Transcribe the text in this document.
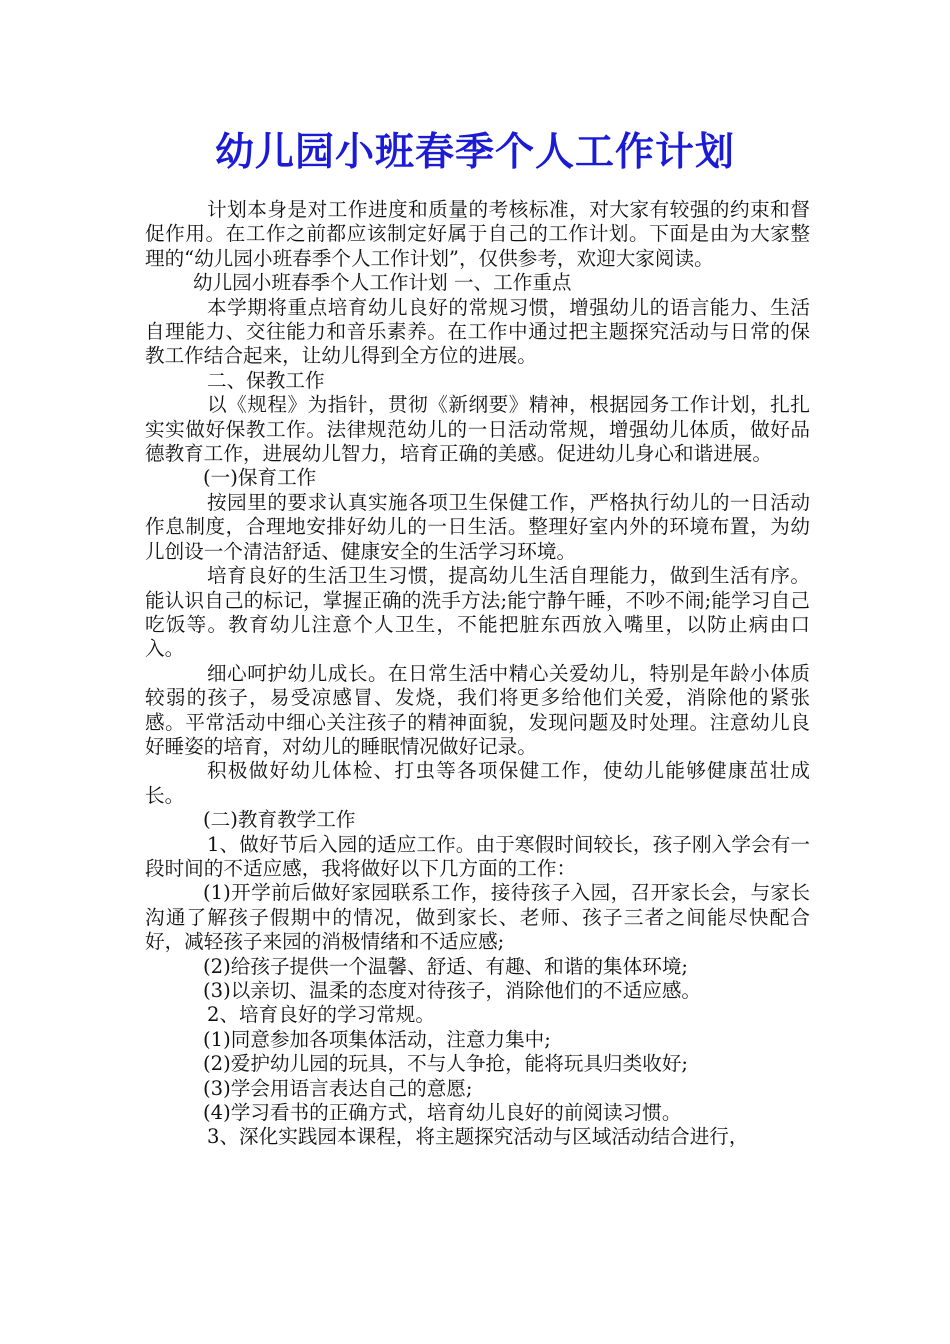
幼儿园小班春季个人工作计划

计划本身是对工作进度和质量的考核标准，对大家有较强的约束和督促作用。在工作之前都应该制定好属于自己的工作计划。下面是由为大家整理的“幼儿园小班春季个人工作计划”，仅供参考，欢迎大家阅读。

幼儿园小班春季个人工作计划 一、工作重点

本学期将重点培育幼儿良好的常规习惯，增强幼儿的语言能力、生活自理能力、交往能力和音乐素养。在工作中通过把主题探究活动与日常的保教工作结合起来，让幼儿得到全方位的进展。

二、保教工作

以《规程》为指针，贯彻《新纲要》精神，根据园务工作计划，扎扎实实做好保教工作。法律规范幼儿的一日活动常规，增强幼儿体质，做好品德教育工作，进展幼儿智力，培育正确的美感。促进幼儿身心和谐进展。

(一)保育工作

按园里的要求认真实施各项卫生保健工作，严格执行幼儿的一日活动作息制度，合理地安排好幼儿的一日生活。整理好室内外的环境布置，为幼儿创设一个清洁舒适、健康安全的生活学习环境。

培育良好的生活卫生习惯，提高幼儿生活自理能力，做到生活有序。能认识自己的标记，掌握正确的洗手方法;能宁静午睡，不吵不闹;能学习自己吃饭等。教育幼儿注意个人卫生，不能把脏东西放入嘴里，以防止病由口入。

细心呵护幼儿成长。在日常生活中精心关爱幼儿，特别是年龄小体质较弱的孩子，易受凉感冒、发烧，我们将更多给他们关爱，消除他的紧张感。平常活动中细心关注孩子的精神面貌，发现问题及时处理。注意幼儿良好睡姿的培育，对幼儿的睡眠情况做好记录。

积极做好幼儿体检、打虫等各项保健工作，使幼儿能够健康茁壮成长。

(二)教育教学工作

1、做好节后入园的适应工作。由于寒假时间较长，孩子刚入学会有一段时间的不适应感，我将做好以下几方面的工作：

(1)开学前后做好家园联系工作，接待孩子入园，召开家长会，与家长沟通了解孩子假期中的情况，做到家长、老师、孩子三者之间能尽快配合好，减轻孩子来园的消极情绪和不适应感;

(2)给孩子提供一个温馨、舒适、有趣、和谐的集体环境;

(3)以亲切、温柔的态度对待孩子，消除他们的不适应感。

2、培育良好的学习常规。

(1)同意参加各项集体活动，注意力集中;

(2)爱护幼儿园的玩具，不与人争抢，能将玩具归类收好;

(3)学会用语言表达自己的意愿;

(4)学习看书的正确方式，培育幼儿良好的前阅读习惯。

3、深化实践园本课程，将主题探究活动与区域活动结合进行，
